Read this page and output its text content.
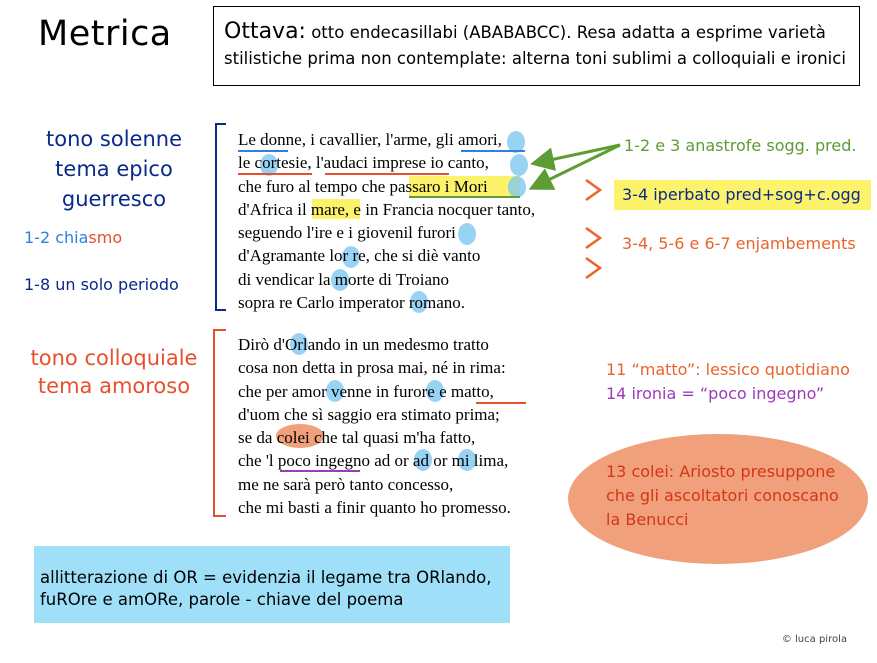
Metrica Ottava: otto endecasillabi (ABABABCC). Resa adatta a esprime varietà
stilistiche prima non contemplate: alterna toni sublimi a colloquiali e ironici
tono solenne
tema epico
guerresco
1-2 chiasmo
1-8 un solo periodo
tono colloquiale
tema amoroso
Le donne, i cavallier, l'arme, gli amori,
le cortesie, l'audaci imprese io canto,
che furo al tempo che passaro i Mori
d'Africa il mare, e in Francia nocquer tanto,
seguendo l'ire e i giovenil furori
d'Agramante lor re, che si diè vanto
di vendicar la morte di Troiano
sopra re Carlo imperator romano.
Dirò d'Orlando in un medesmo tratto
cosa non detta in prosa mai, né in rima:
che per amor venne in furore e matto,
d'uom che sì saggio era stimato prima;
se da colei che tal quasi m'ha fatto,
che 'l poco ingegno ad or ad or mi lima,
me ne sarà però tanto concesso,
che mi basti a finir quanto ho promesso.
1-2 e 3 anastrofe sogg. pred.
3-4 iperbato pred+sog+c.ogg
3-4, 5-6 e 6-7 enjambements
11 “matto”: lessico quotidiano
14 ironia = “poco ingegno”
13 colei: Ariosto presuppone
che gli ascoltatori conoscano
la Benucci
allitterazione di OR = evidenzia il legame tra ORlando,
fuROre e amORe, parole - chiave del poema
© luca pirola
